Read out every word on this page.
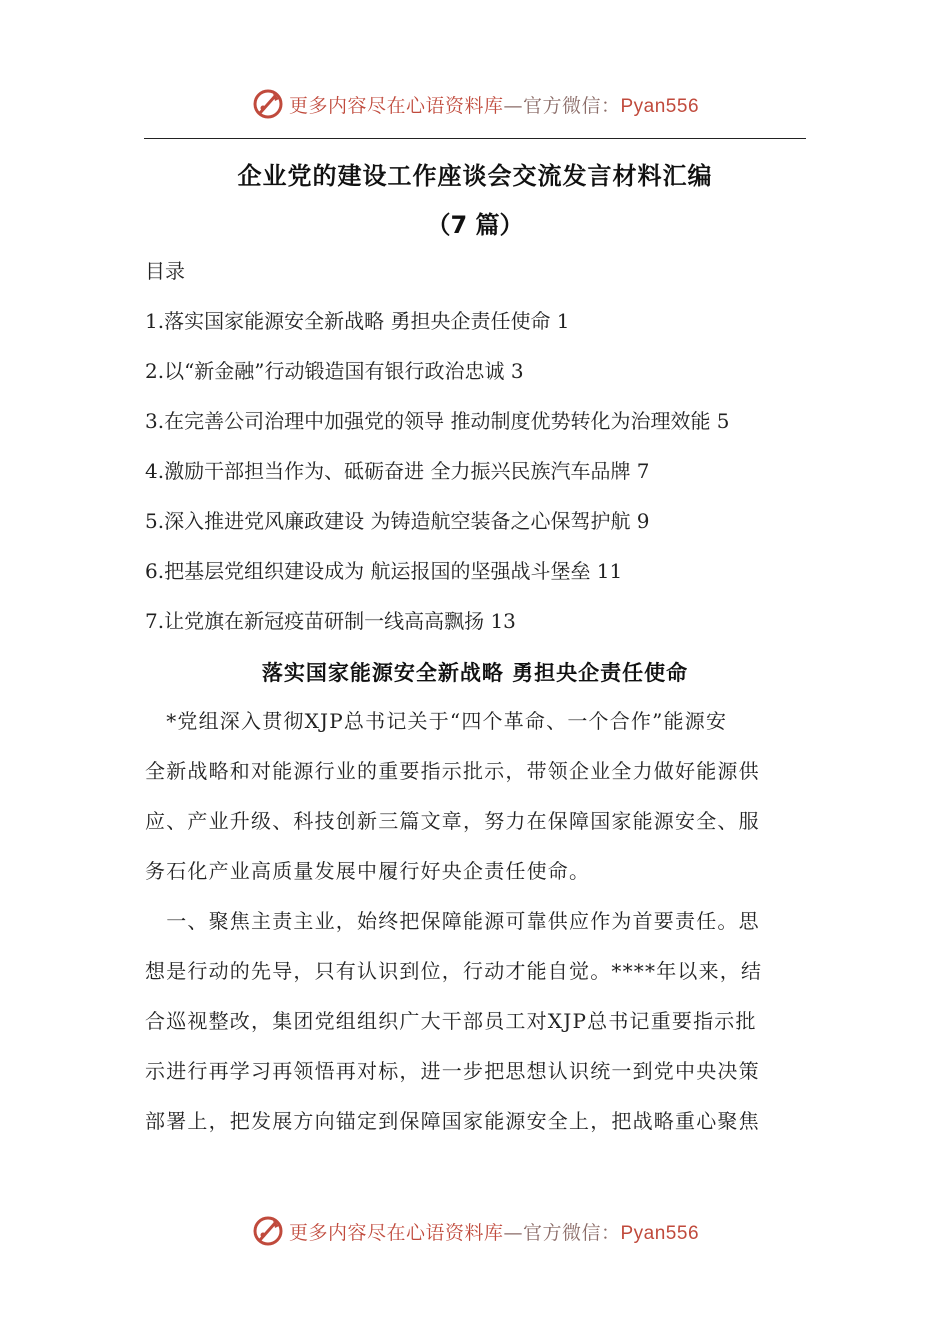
更多内容尽在心语资料库—官方微信：Pyan556
企业党的建设工作座谈会交流发言材料汇编
（7 篇）
目录
1.落实国家能源安全新战略 勇担央企责任使命 1
2.以“新金融”行动锻造国有银行政治忠诚 3
3.在完善公司治理中加强党的领导 推动制度优势转化为治理效能 5
4.激励干部担当作为、砥砺奋进 全力振兴民族汽车品牌 7
5.深入推进党风廉政建设 为铸造航空装备之心保驾护航 9
6.把基层党组织建设成为 航运报国的坚强战斗堡垒 11
7.让党旗在新冠疫苗研制一线高高飘扬 13
落实国家能源安全新战略 勇担央企责任使命
　*党组深入贯彻XJP总书记关于“四个革命、一个合作”能源安
全新战略和对能源行业的重要指示批示，带领企业全力做好能源供
应、产业升级、科技创新三篇文章，努力在保障国家能源安全、服
务石化产业高质量发展中履行好央企责任使命。
　一、聚焦主责主业，始终把保障能源可靠供应作为首要责任。思
想是行动的先导，只有认识到位，行动才能自觉。****年以来，结
合巡视整改，集团党组组织广大干部员工对XJP总书记重要指示批
示进行再学习再领悟再对标，进一步把思想认识统一到党中央决策
部署上，把发展方向锚定到保障国家能源安全上，把战略重心聚焦
更多内容尽在心语资料库—官方微信：Pyan556
